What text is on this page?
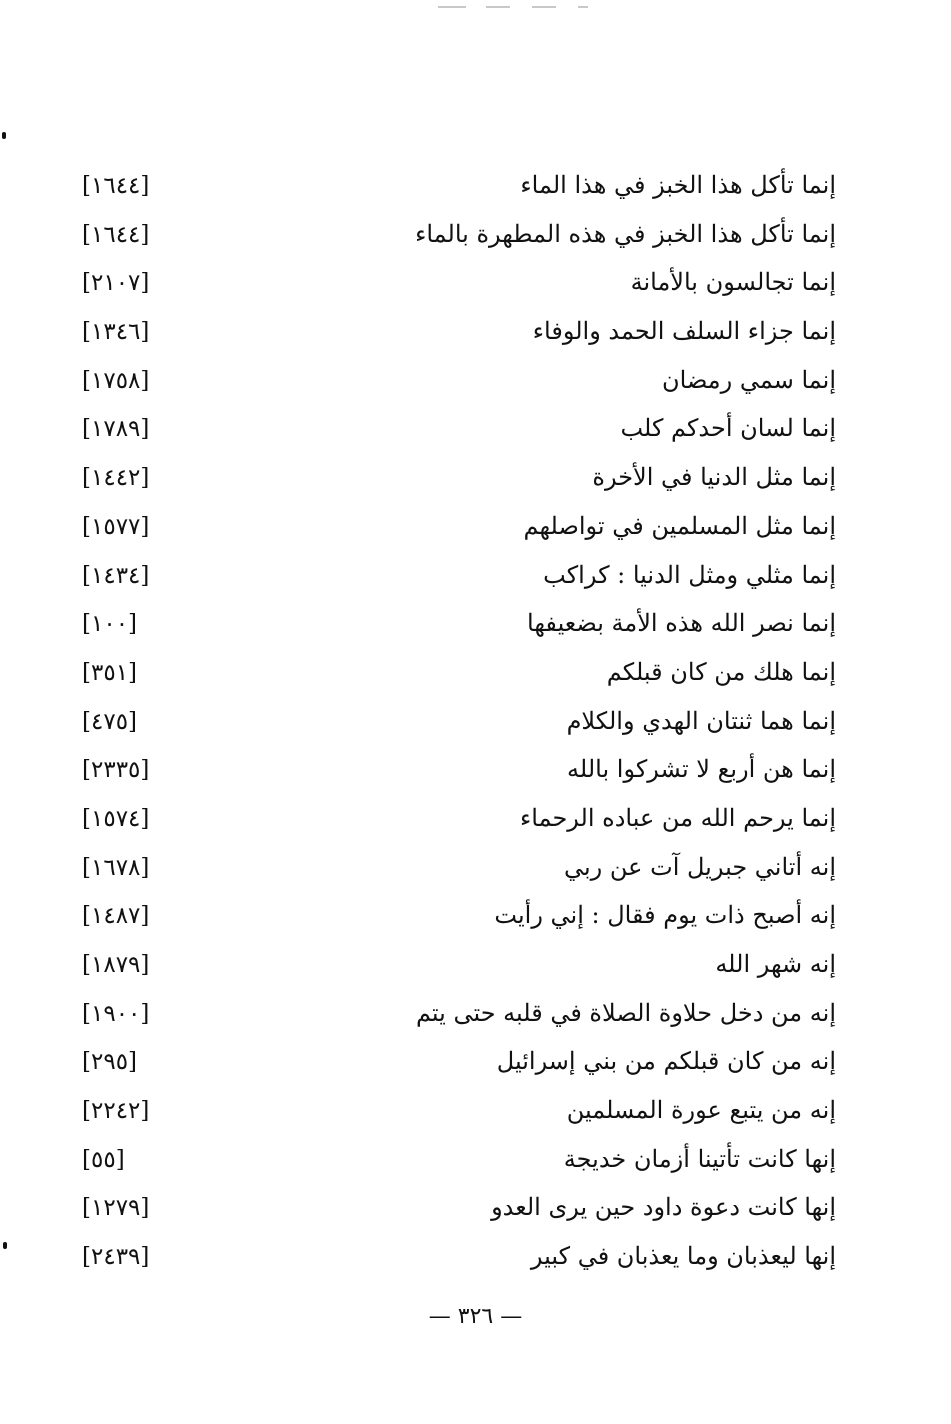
[١٦٤٤]	إنما تأكل هذا الخبز في هذا الماء
[١٦٤٤]	إنما تأكل هذا الخبز في هذه المطهرة بالماء
[٢١٠٧]	إنما تجالسون بالأمانة
[١٣٤٦]	إنما جزاء السلف الحمد والوفاء
[١٧٥٨]	إنما سمي رمضان
[١٧٨٩]	إنما لسان أحدكم كلب
[١٤٤٢]	إنما مثل الدنيا في الأخرة
[١٥٧٧]	إنما مثل المسلمين في تواصلهم
[١٤٣٤]	إنما مثلي ومثل الدنيا : كراكب
[١٠٠]	إنما نصر الله هذه الأمة بضعيفها
[٣٥١]	إنما هلك من كان قبلكم
[٤٧٥]	إنما هما ثنتان الهدي والكلام
[٢٣٣٥]	إنما هن أربع لا تشركوا بالله
[١٥٧٤]	إنما يرحم الله من عباده الرحماء
[١٦٧٨]	إنه أتاني جبريل آت عن ربي
[١٤٨٧]	إنه أصبح ذات يوم فقال : إني رأيت
[١٨٧٩]	إنه شهر الله
[١٩٠٠]	إنه من دخل حلاوة الصلاة في قلبه حتى يتم
[٢٩٥]	إنه من كان قبلكم من بني إسرائيل
[٢٢٤٢]	إنه من يتبع عورة المسلمين
[٥٥]	إنها كانت تأتينا أزمان خديجة
[١٢٧٩]	إنها كانت دعوة داود حين يرى العدو
[٢٤٣٩]	إنها ليعذبان وما يعذبان في كبير
— ٣٢٦ —
